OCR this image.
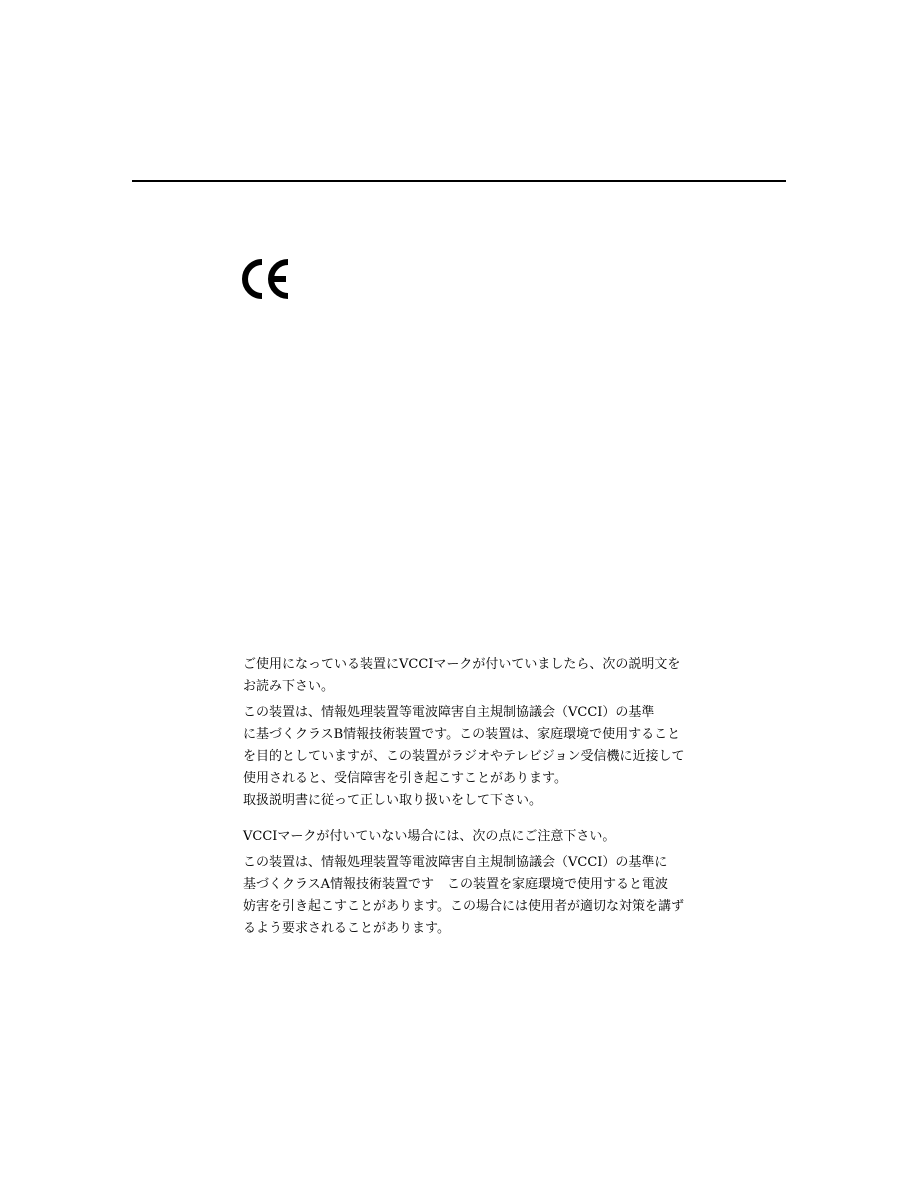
ご使用になっている装置にVCCIマークが付いていましたら、次の説明文を

お読み下さい。

この装置は、情報処理装置等電波障害自主規制協議会（VCCI）の基準

に基づくクラスB情報技術装置です。この装置は、家庭環境で使用すること

を目的としていますが、この装置がラジオやテレビジョン受信機に近接して

使用されると、受信障害を引き起こすことがあります。

取扱説明書に従って正しい取り扱いをして下さい。

VCCIマークが付いていない場合には、次の点にご注意下さい。

この装置は、情報処理装置等電波障害自主規制協議会（VCCI）の基準に

基づくクラスA情報技術装置です　この装置を家庭環境で使用すると電波

妨害を引き起こすことがあります。この場合には使用者が適切な対策を講ず

るよう要求されることがあります。
